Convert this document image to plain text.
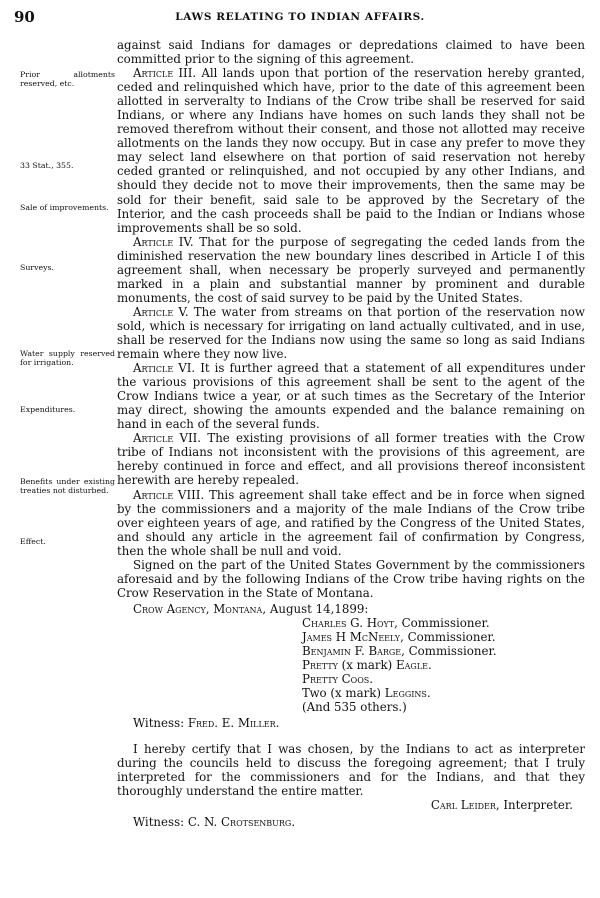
90	LAWS RELATING TO INDIAN AFFAIRS.
Prior allotments reserved, etc.
33 Stat., 355.
Sale of improvements.
Surveys.
Water supply reserved for irrigation.
Expenditures.
Benefits under existing treaties not disturbed.
Effect.

against said Indians for damages or depredations claimed to have been committed prior to the signing of this agreement.

Article III. All lands upon that portion of the reservation hereby granted, ceded and relinquished which have, prior to the date of this agreement been allotted in serveralty to Indians of the Crow tribe shall be reserved for said Indians, or where any Indians have homes on such lands they shall not be removed therefrom without their consent, and those not allotted may receive allotments on the lands they now occupy. But in case any prefer to move they may select land elsewhere on that portion of said reservation not hereby ceded granted or relinquished, and not occupied by any other Indians, and should they decide not to move their improvements, then the same may be sold for their benefit, said sale to be approved by the Secretary of the Interior, and the cash proceeds shall be paid to the Indian or Indians whose improvements shall be so sold.

Article IV. That for the purpose of segregating the ceded lands from the diminished reservation the new boundary lines described in Article I of this agreement shall, when necessary be properly surveyed and permanently marked in a plain and substantial manner by prominent and durable monuments, the cost of said survey to be paid by the United States.

Article V. The water from streams on that portion of the reservation now sold, which is necessary for irrigating on land actually cultivated, and in use, shall be reserved for the Indians now using the same so long as said Indians remain where they now live.

Article VI. It is further agreed that a statement of all expenditures under the various provisions of this agreement shall be sent to the agent of the Crow Indians twice a year, or at such times as the Secretary of the Interior may direct, showing the amounts expended and the balance remaining on hand in each of the several funds.

Article VII. The existing provisions of all former treaties with the Crow tribe of Indians not inconsistent with the provisions of this agreement, are hereby continued in force and effect, and all provisions thereof inconsistent herewith are hereby repealed.

Article VIII. This agreement shall take effect and be in force when signed by the commissioners and a majority of the male Indians of the Crow tribe over eighteen years of age, and ratified by the Congress of the United States, and should any article in the agreement fail of confirmation by Congress, then the whole shall be null and void.

Signed on the part of the United States Government by the commissioners aforesaid and by the following Indians of the Crow tribe having rights on the Crow Reservation in the State of Montana.

Crow Agency, Montana, August 14,1899:

Charles G. Hoyt, Commissioner.
James H McNeely, Commissioner.
Benjamin F. Barge, Commissioner.
Pretty (x mark) Eagle.
Pretty Coos.
Two (x mark) Leggins.
(And 535 others.)

Witness: Fred. E. Miller.

I hereby certify that I was chosen, by the Indians to act as interpreter during the councils held to discuss the foregoing agreement; that I truly interpreted for the commissioners and for the Indians, and that they thoroughly understand the entire matter.

Carl Leider, Interpreter.

Witness: C. N. Crotsenburg.
